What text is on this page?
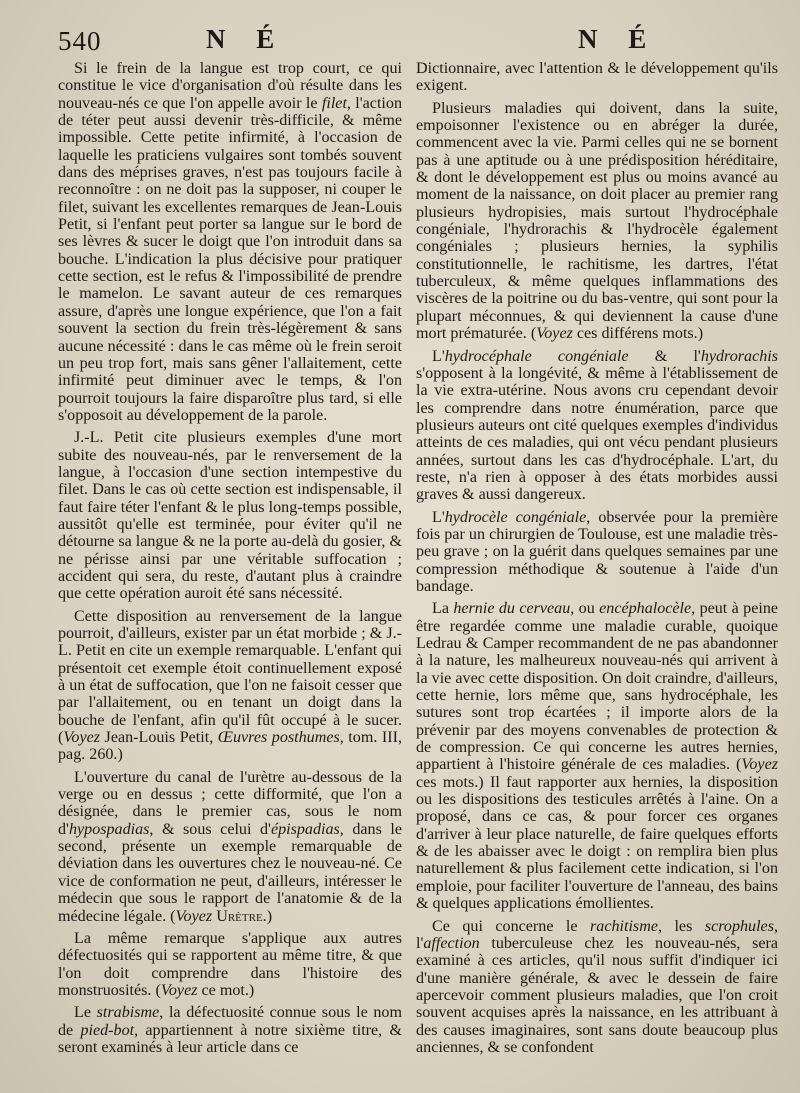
540	N É	N É

Si le frein de la langue est trop court, ce qui constitue le vice d'organisation d'où résulte dans les nouveau-nés ce que l'on appelle avoir le filet, l'action de téter peut aussi devenir très-difficile, & même impossible. Cette petite infirmité, à l'occasion de laquelle les praticiens vulgaires sont tombés souvent dans des méprises graves, n'est pas toujours facile à reconnoître : on ne doit pas la supposer, ni couper le filet, suivant les excellentes remarques de Jean-Louis Petit, si l'enfant peut porter sa langue sur le bord de ses lèvres & sucer le doigt que l'on introduit dans sa bouche. L'indication la plus décisive pour pratiquer cette section, est le refus & l'impossibilité de prendre le mamelon. Le savant auteur de ces remarques assure, d'après une longue expérience, que l'on a fait souvent la section du frein très-légèrement & sans aucune nécessité : dans le cas même où le frein seroit un peu trop fort, mais sans gêner l'allaitement, cette infirmité peut diminuer avec le temps, & l'on pourroit toujours la faire disparoître plus tard, si elle s'opposoit au développement de la parole.

J.-L. Petit cite plusieurs exemples d'une mort subite des nouveau-nés, par le renversement de la langue, à l'occasion d'une section intempestive du filet. Dans le cas où cette section est indispensable, il faut faire téter l'enfant & le plus long-temps possible, aussitôt qu'elle est terminée, pour éviter qu'il ne détourne sa langue & ne la porte au-delà du gosier, & ne périsse ainsi par une véritable suffocation ; accident qui sera, du reste, d'autant plus à craindre que cette opération auroit été sans nécessité.

Cette disposition au renversement de la langue pourroit, d'ailleurs, exister par un état morbide ; & J.-L. Petit en cite un exemple remarquable. L'enfant qui présentoit cet exemple étoit continuellement exposé à un état de suffocation, que l'on ne faisoit cesser que par l'allaitement, ou en tenant un doigt dans la bouche de l'enfant, afin qu'il fût occupé à le sucer. (Voyez Jean-Louis Petit, Œuvres posthumes, tom. III, pag. 260.)

L'ouverture du canal de l'urètre au-dessous de la verge ou en dessus ; cette difformité, que l'on a désignée, dans le premier cas, sous le nom d'hypospadias, & sous celui d'épispadias, dans le second, présente un exemple remarquable de déviation dans les ouvertures chez le nouveau-né. Ce vice de conformation ne peut, d'ailleurs, intéresser le médecin que sous le rapport de l'anatomie & de la médecine légale. (Voyez Urètre.)

La même remarque s'applique aux autres défectuosités qui se rapportent au même titre, & que l'on doit comprendre dans l'histoire des monstruosités. (Voyez ce mot.)

Le strabisme, la défectuosité connue sous le nom de pied-bot, appartiennent à notre sixième titre, & seront examinés à leur article dans ce

Dictionnaire, avec l'attention & le développement qu'ils exigent.

Plusieurs maladies qui doivent, dans la suite, empoisonner l'existence ou en abréger la durée, commencent avec la vie. Parmi celles qui ne se bornent pas à une aptitude ou à une prédisposition héréditaire, & dont le développement est plus ou moins avancé au moment de la naissance, on doit placer au premier rang plusieurs hydropisies, mais surtout l'hydrocéphale congéniale, l'hydrorachis & l'hydrocèle également congéniales ; plusieurs hernies, la syphilis constitutionnelle, le rachitisme, les dartres, l'état tuberculeux, & même quelques inflammations des viscères de la poitrine ou du bas-ventre, qui sont pour la plupart méconnues, & qui deviennent la cause d'une mort prématurée. (Voyez ces différens mots.)

L'hydrocéphale congéniale & l'hydrorachis s'opposent à la longévité, & même à l'établissement de la vie extra-utérine. Nous avons cru cependant devoir les comprendre dans notre énumération, parce que plusieurs auteurs ont cité quelques exemples d'individus atteints de ces maladies, qui ont vécu pendant plusieurs années, surtout dans les cas d'hydrocéphale. L'art, du reste, n'a rien à opposer à des états morbides aussi graves & aussi dangereux.

L'hydrocèle congéniale, observée pour la première fois par un chirurgien de Toulouse, est une maladie très-peu grave ; on la guérit dans quelques semaines par une compression méthodique & soutenue à l'aide d'un bandage.

La hernie du cerveau, ou encéphalocèle, peut à peine être regardée comme une maladie curable, quoique Ledrau & Camper recommandent de ne pas abandonner à la nature, les malheureux nouveau-nés qui arrivent à la vie avec cette disposition. On doit craindre, d'ailleurs, cette hernie, lors même que, sans hydrocéphale, les sutures sont trop écartées ; il importe alors de la prévenir par des moyens convenables de protection & de compression. Ce qui concerne les autres hernies, appartient à l'histoire générale de ces maladies. (Voyez ces mots.) Il faut rapporter aux hernies, la disposition ou les dispositions des testicules arrêtés à l'aine. On a proposé, dans ce cas, & pour forcer ces organes d'arriver à leur place naturelle, de faire quelques efforts & de les abaisser avec le doigt : on remplira bien plus naturellement & plus facilement cette indication, si l'on emploie, pour faciliter l'ouverture de l'anneau, des bains & quelques applications émollientes.

Ce qui concerne le rachitisme, les scrophules, l'affection tuberculeuse chez les nouveau-nés, sera examiné à ces articles, qu'il nous suffit d'indiquer ici d'une manière générale, & avec le dessein de faire apercevoir comment plusieurs maladies, que l'on croit souvent acquises après la naissance, en les attribuant à des causes imaginaires, sont sans doute beaucoup plus anciennes, & se confondent
